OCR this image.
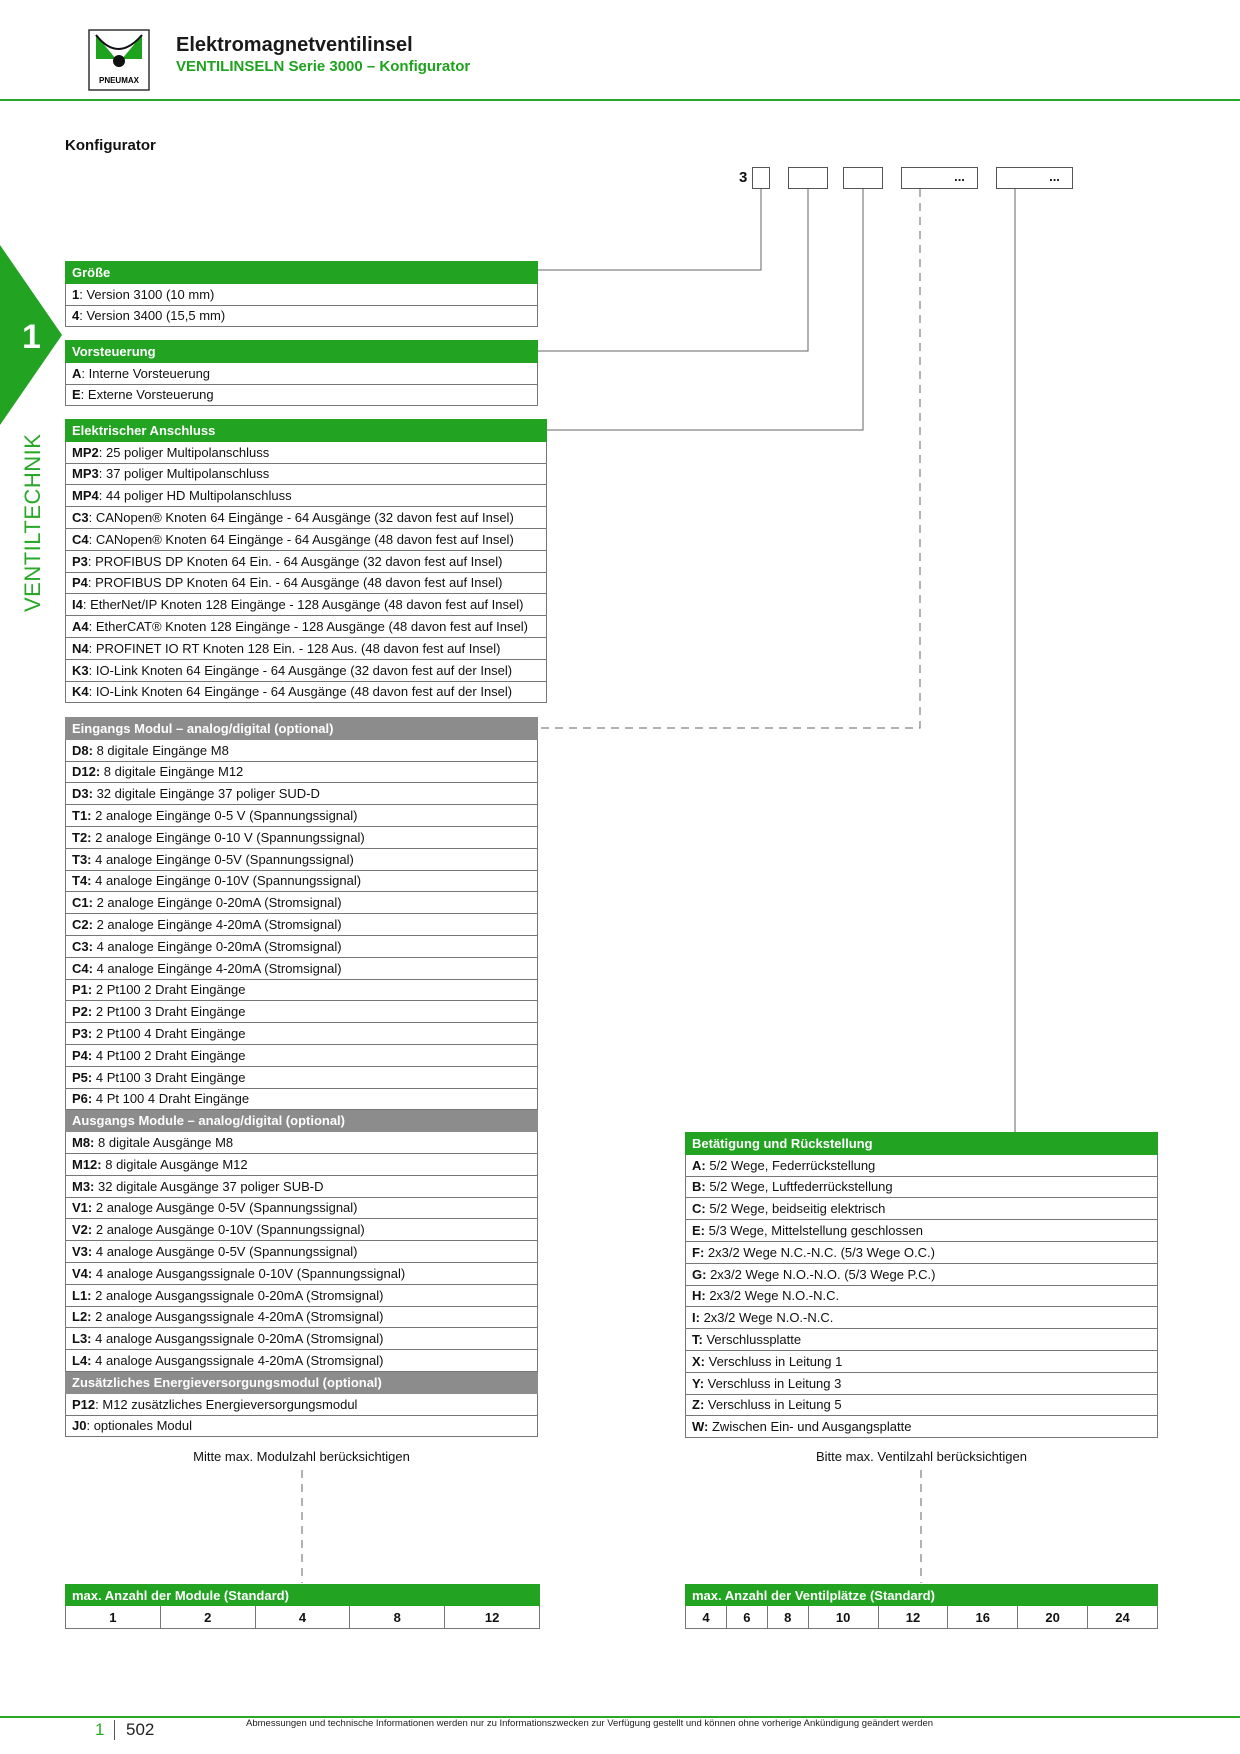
PNEUMAX
Elektromagnetventilinsel
VENTILINSELN Serie 3000 – Konfigurator
1
VENTILTECHNIK
Konfigurator
3	...	...
Größe
1: Version 3100 (10 mm)
4: Version 3400 (15,5 mm)
Vorsteuerung
A: Interne Vorsteuerung
E: Externe Vorsteuerung
Elektrischer Anschluss
MP2: 25 poliger Multipolanschluss
MP3: 37 poliger Multipolanschluss
MP4: 44 poliger HD Multipolanschluss
C3: CANopen® Knoten 64 Eingänge - 64 Ausgänge (32 davon fest auf Insel)
C4: CANopen® Knoten 64 Eingänge - 64 Ausgänge (48 davon fest auf Insel)
P3: PROFIBUS DP Knoten 64 Ein. - 64 Ausgänge (32 davon fest auf Insel)
P4: PROFIBUS DP Knoten 64 Ein. - 64 Ausgänge (48 davon fest auf Insel)
I4: EtherNet/IP Knoten 128 Eingänge - 128 Ausgänge (48 davon fest auf Insel)
A4: EtherCAT® Knoten 128 Eingänge - 128 Ausgänge (48 davon fest auf Insel)
N4: PROFINET IO RT Knoten 128 Ein. - 128 Aus. (48 davon fest auf Insel)
K3: IO-Link Knoten 64 Eingänge - 64 Ausgänge (32 davon fest auf der Insel)
K4: IO-Link Knoten 64 Eingänge - 64 Ausgänge (48 davon fest auf der Insel)
Eingangs Modul – analog/digital (optional)
D8: 8 digitale Eingänge M8
D12: 8 digitale Eingänge M12
D3: 32 digitale Eingänge 37 poliger SUD-D
T1: 2 analoge Eingänge 0-5 V (Spannungssignal)
T2: 2 analoge Eingänge 0-10 V (Spannungssignal)
T3: 4 analoge Eingänge 0-5V (Spannungssignal)
T4: 4 analoge Eingänge 0-10V (Spannungssignal)
C1: 2 analoge Eingänge 0-20mA (Stromsignal)
C2: 2 analoge Eingänge 4-20mA (Stromsignal)
C3: 4 analoge Eingänge 0-20mA (Stromsignal)
C4: 4 analoge Eingänge 4-20mA (Stromsignal)
P1: 2 Pt100 2 Draht Eingänge
P2: 2 Pt100 3 Draht Eingänge
P3: 2 Pt100 4 Draht Eingänge
P4: 4 Pt100 2 Draht Eingänge
P5: 4 Pt100 3 Draht Eingänge
P6: 4 Pt 100 4 Draht Eingänge
Ausgangs Module – analog/digital (optional)
M8: 8 digitale Ausgänge M8
M12: 8 digitale Ausgänge M12
M3: 32 digitale Ausgänge 37 poliger SUB-D
V1: 2 analoge Ausgänge 0-5V (Spannungssignal)
V2: 2 analoge Ausgänge 0-10V (Spannungssignal)
V3: 4 analoge Ausgänge 0-5V (Spannungssignal)
V4: 4 analoge Ausgangssignale 0-10V (Spannungssignal)
L1: 2 analoge Ausgangssignale 0-20mA (Stromsignal)
L2: 2 analoge Ausgangssignale 4-20mA (Stromsignal)
L3: 4 analoge Ausgangssignale 0-20mA (Stromsignal)
L4: 4 analoge Ausgangssignale 4-20mA (Stromsignal)
Zusätzliches Energieversorgungsmodul (optional)
P12: M12 zusätzliches Energieversorgungsmodul
J0: optionales Modul
Betätigung und Rückstellung
A: 5/2 Wege, Federrückstellung
B: 5/2 Wege, Luftfederrückstellung
C: 5/2 Wege, beidseitig elektrisch
E: 5/3 Wege, Mittelstellung geschlossen
F: 2x3/2 Wege N.C.-N.C. (5/3 Wege O.C.)
G: 2x3/2 Wege N.O.-N.O. (5/3 Wege P.C.)
H: 2x3/2 Wege N.O.-N.C.
I: 2x3/2 Wege N.O.-N.C.
T: Verschlussplatte
X: Verschluss in Leitung 1
Y: Verschluss in Leitung 3
Z: Verschluss in Leitung 5
W: Zwischen Ein- und Ausgangsplatte
Mitte max. Modulzahl berücksichtigen	Bitte max. Ventilzahl berücksichtigen
max. Anzahl der Module (Standard)
1	2	4	8	12
max. Anzahl der Ventilplätze (Standard)
4	6	8	10	12	16	20	24
1 502	Abmessungen und technische Informationen werden nur zu Informationszwecken zur Verfügung gestellt und können ohne vorherige Ankündigung geändert werden
